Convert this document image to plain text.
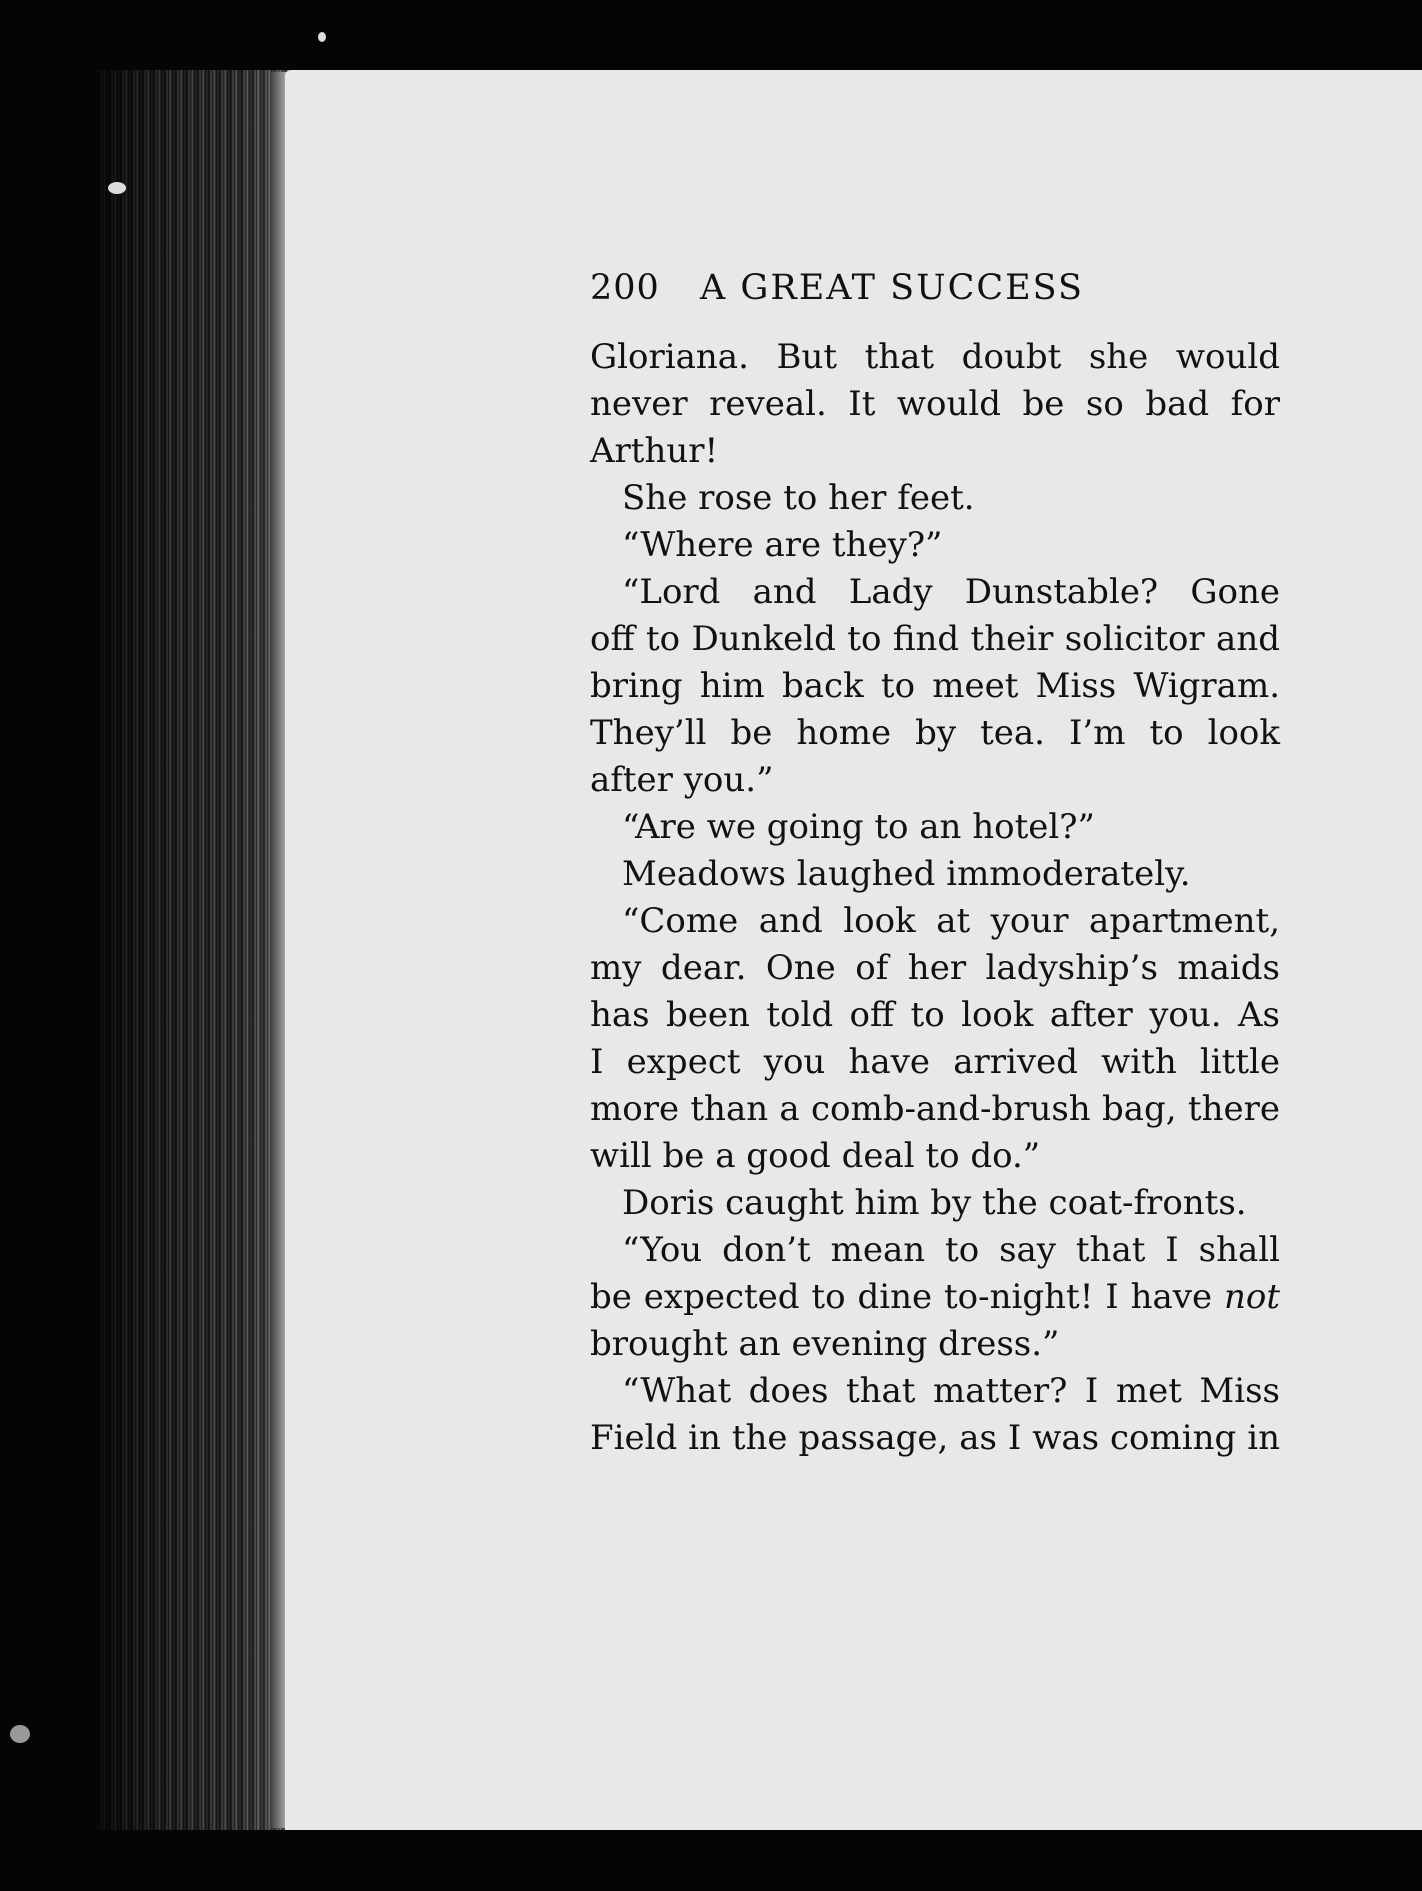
200	A GREAT SUCCESS
Gloriana. But that doubt she would
never reveal. It would be so bad for
Arthur!
She rose to her feet.
“Where are they?”
“Lord and Lady Dunstable? Gone
off to Dunkeld to find their solicitor and
bring him back to meet Miss Wigram.
They’ll be home by tea. I’m to look
after you.”
“Are we going to an hotel?”
Meadows laughed immoderately.
“Come and look at your apartment,
my dear. One of her ladyship’s maids
has been told off to look after you. As
I expect you have arrived with little
more than a comb-and-brush bag, there
will be a good deal to do.”
Doris caught him by the coat-fronts.
“You don’t mean to say that I shall
be expected to dine to-night! I have not
brought an evening dress.”
“What does that matter? I met Miss
Field in the passage, as I was coming in
